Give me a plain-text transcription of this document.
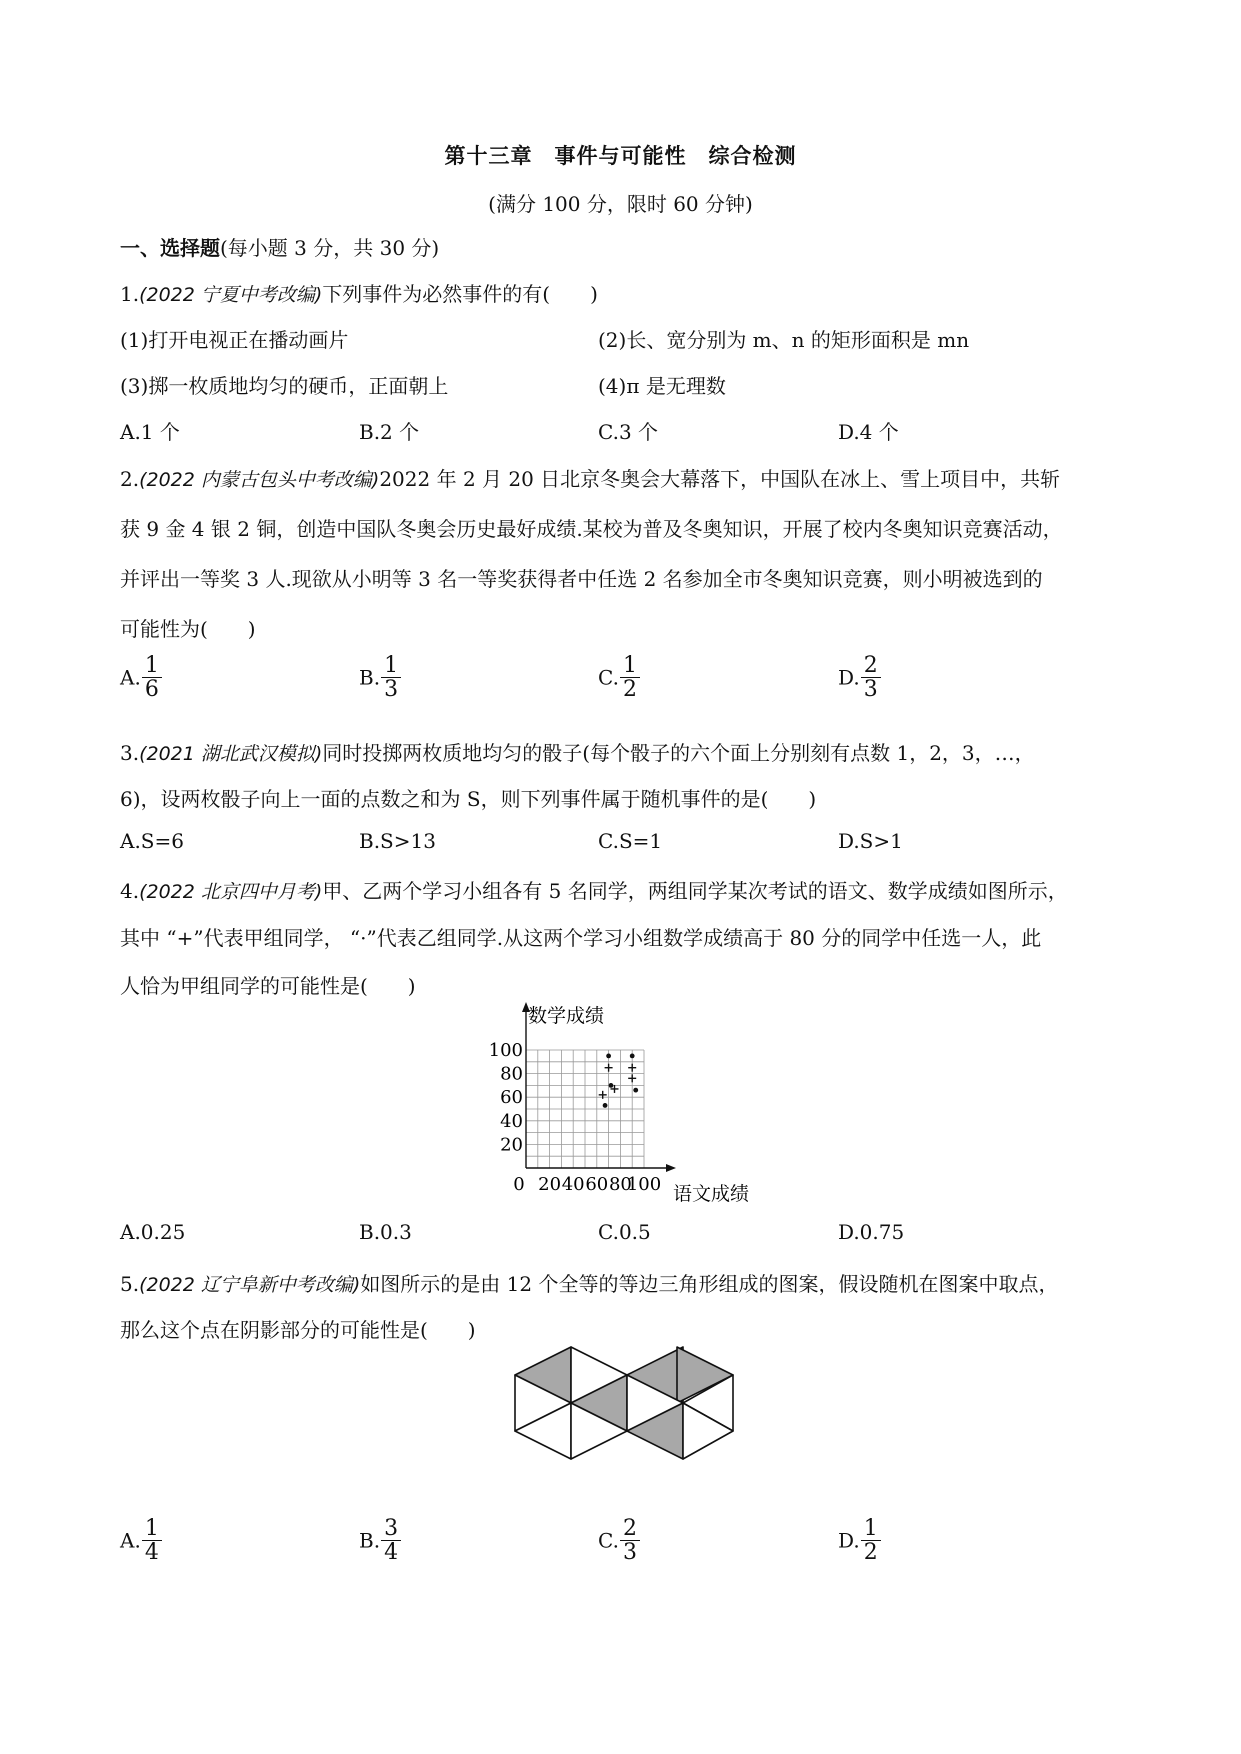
第十三章　事件与可能性　综合检测
(满分 100 分，限时 60 分钟)
一、选择题(每小题 3 分，共 30 分)
1.(2022 宁夏中考改编)下列事件为必然事件的有(　　)
(1)打开电视正在播动画片	(2)长、宽分别为 m、n 的矩形面积是 mn
(3)掷一枚质地均匀的硬币，正面朝上	(4)π 是无理数
A.1 个	B.2 个	C.3 个	D.4 个
2.(2022 内蒙古包头中考改编)2022 年 2 月 20 日北京冬奥会大幕落下，中国队在冰上、雪上项目中，共斩
获 9 金 4 银 2 铜，创造中国队冬奥会历史最好成绩.某校为普及冬奥知识，开展了校内冬奥知识竞赛活动，
并评出一等奖 3 人.现欲从小明等 3 名一等奖获得者中任选 2 名参加全市冬奥知识竞赛，则小明被选到的
可能性为(　　)
A. $\frac{1}{6}$	B. $\frac{1}{3}$	C. $\frac{1}{2}$	D. $\frac{2}{3}$
3.(2021 湖北武汉模拟)同时投掷两枚质地均匀的骰子(每个骰子的六个面上分别刻有点数 1，2，3，…，
6)，设两枚骰子向上一面的点数之和为 S，则下列事件属于随机事件的是(　　)
A.S=6	B.S>13	C.S=1	D.S>1
4.(2022 北京四中月考)甲、乙两个学习小组各有 5 名同学，两组同学某次考试的语文、数学成绩如图所示，
其中 “+”代表甲组同学， “·”代表乙组同学.从这两个学习小组数学成绩高于 80 分的同学中任选一人，此
人恰为甲组同学的可能性是(　　)
0 20 40 60 80
100
20
40
60
80
100
数学成绩
语文成绩
A.0.25	B.0.3	C.0.5	D.0.75
5.(2022 辽宁阜新中考改编)如图所示的是由 12 个全等的等边三角形组成的图案，假设随机在图案中取点，
那么这个点在阴影部分的可能性是(　　)
A. $\frac{1}{4}$	B. $\frac{3}{4}$	C. $\frac{2}{3}$	D. $\frac{1}{2}$
